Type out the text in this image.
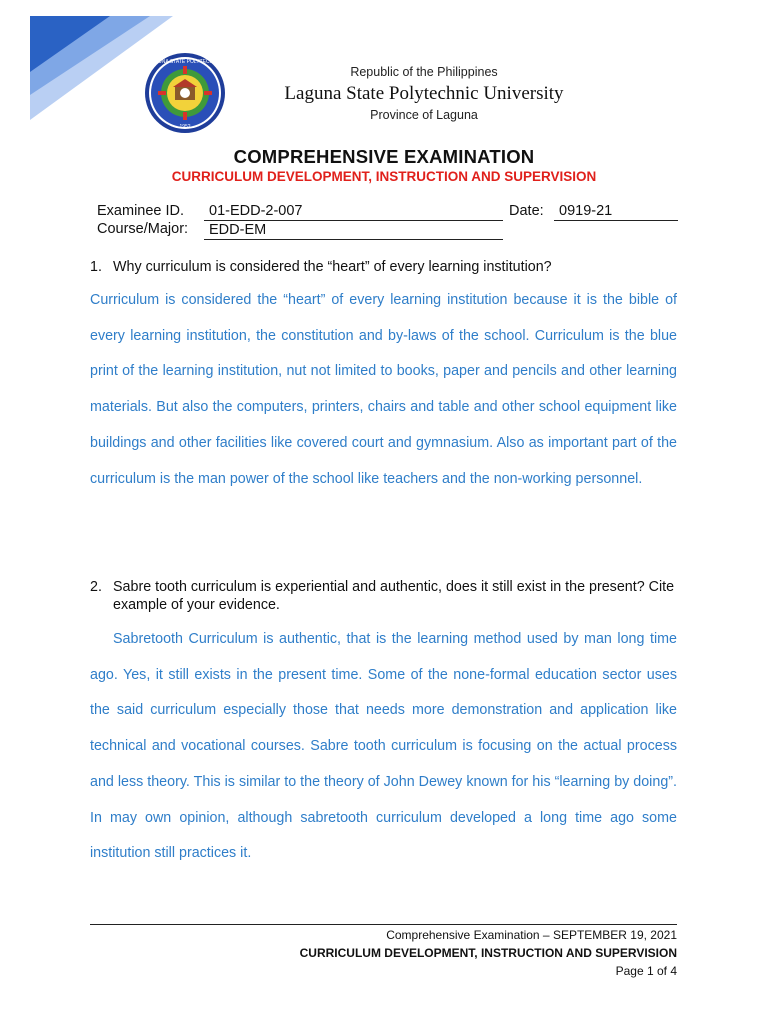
LAGUNA STATE POLYTECHNIC
1952
Republic of the Philippines
Laguna State Polytechnic University
Province of Laguna
COMPREHENSIVE EXAMINATION
CURRICULUM DEVELOPMENT, INSTRUCTION AND SUPERVISION
Examinee ID.	01-EDD-2-007	Date:	0919-21
Course/Major:	EDD-EM
1. Why curriculum is considered the “heart” of every learning institution?

Curriculum is considered the “heart” of every learning institution because it is the bible of every learning institution, the constitution and by-laws of the school. Curriculum is the blue print of the learning institution, nut not limited to books, paper and pencils and other learning materials. But also the computers, printers, chairs and table and other school equipment like buildings and other facilities like covered court and gymnasium. Also as important part of the curriculum is the man power of the school like teachers and the non-working personnel.

2. Sabre tooth curriculum is experiential and authentic, does it still exist in the present? Cite example of your evidence.

Sabretooth Curriculum is authentic, that is the learning method used by man long time ago. Yes, it still exists in the present time. Some of the none-formal education sector uses the said curriculum especially those that needs more demonstration and application like technical and vocational courses. Sabre tooth curriculum is focusing on the actual process and less theory. This is similar to the theory of John Dewey known for his “learning by doing”. In may own opinion, although sabretooth curriculum developed a long time ago some institution still practices it.

Comprehensive Examination – SEPTEMBER 19, 2021
CURRICULUM DEVELOPMENT, INSTRUCTION AND SUPERVISION
Page 1 of 4
